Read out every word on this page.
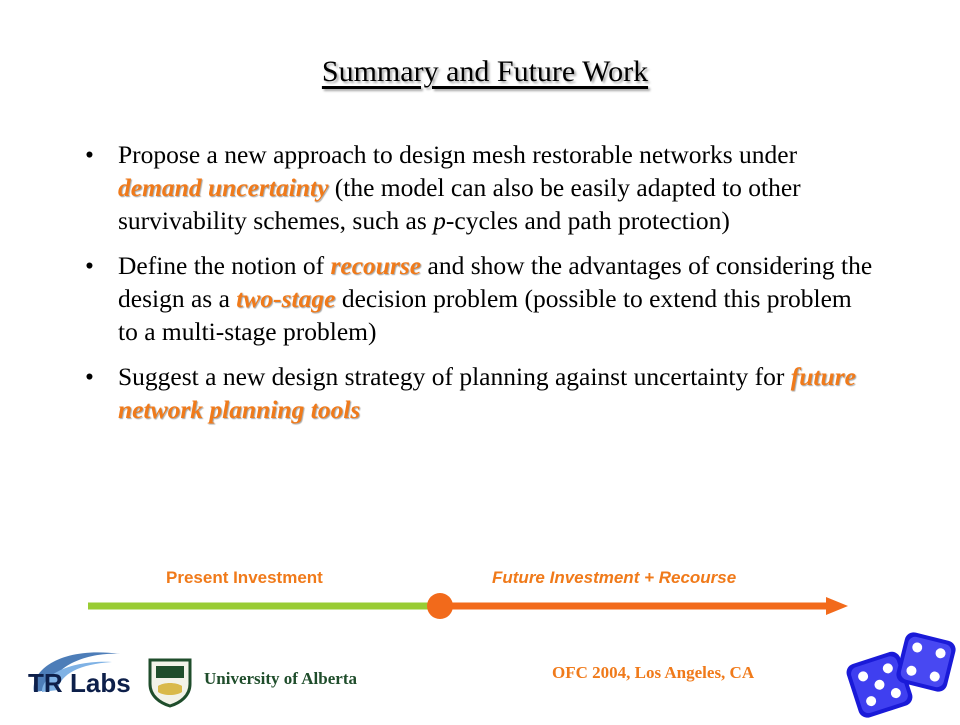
Summary and Future Work
• Propose a new approach to design mesh restorable networks under demand uncertainty (the model can also be easily adapted to other survivability schemes, such as p-cycles and path protection)
• Define the notion of recourse and show the advantages of considering the design as a two-stage decision problem (possible to extend this problem to a multi-stage problem)
• Suggest a new design strategy of planning against uncertainty for future network planning tools
Present Investment	Future Investment + Recourse
TR Labs	University of Alberta	OFC 2004, Los Angeles, CA
